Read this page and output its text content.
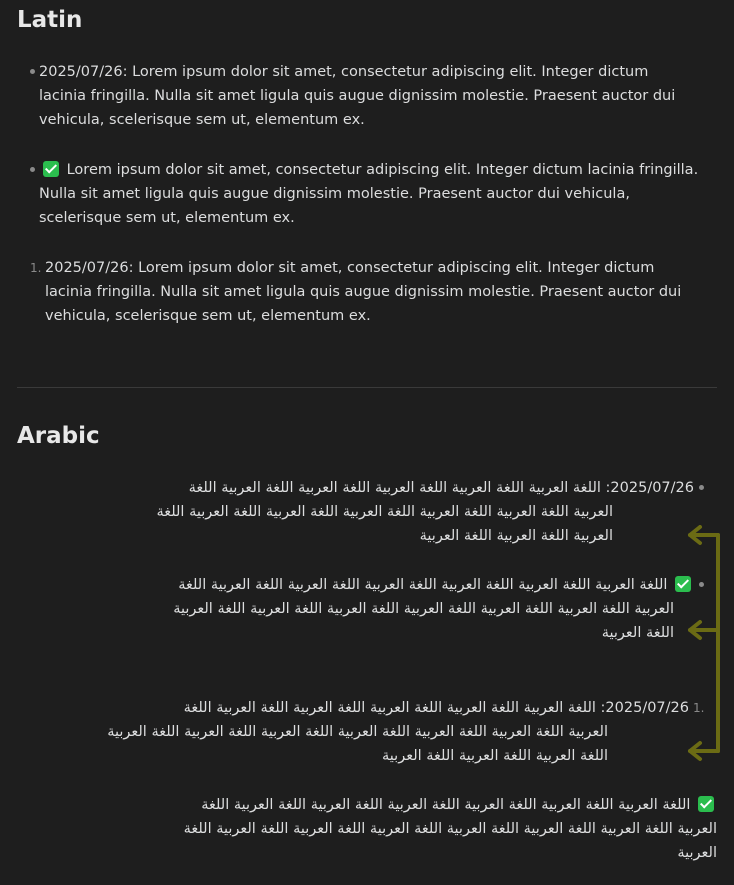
Latin
2025/07/26: Lorem ipsum dolor sit amet, consectetur adipiscing elit. Integer dictum lacinia fringilla. Nulla sit amet ligula quis augue dignissim molestie. Praesent auctor dui vehicula, scelerisque sem ut, elementum ex.
Lorem ipsum dolor sit amet, consectetur adipiscing elit. Integer dictum lacinia fringilla. Nulla sit amet ligula quis augue dignissim molestie. Praesent auctor dui vehicula, scelerisque sem ut, elementum ex.
1. 2025/07/26: Lorem ipsum dolor sit amet, consectetur adipiscing elit. Integer dictum lacinia fringilla. Nulla sit amet ligula quis augue dignissim molestie. Praesent auctor dui vehicula, scelerisque sem ut, elementum ex.
Arabic
2025/07/26: اللغة العربية اللغة العربية اللغة العربية اللغة العربية اللغة العربية اللغة
العربية اللغة العربية اللغة العربية اللغة العربية اللغة العربية اللغة العربية اللغة
العربية اللغة العربية اللغة العربية
اللغة العربية اللغة العربية اللغة العربية اللغة العربية اللغة العربية اللغة العربية اللغة
العربية اللغة العربية اللغة العربية اللغة العربية اللغة العربية اللغة العربية اللغة العربية
اللغة العربية
1.
2025/07/26: اللغة العربية اللغة العربية اللغة العربية اللغة العربية اللغة العربية اللغة
العربية اللغة العربية اللغة العربية اللغة العربية اللغة العربية اللغة العربية اللغة العربية
اللغة العربية اللغة العربية اللغة العربية
اللغة العربية اللغة العربية اللغة العربية اللغة العربية اللغة العربية اللغة العربية اللغة
العربية اللغة العربية اللغة العربية اللغة العربية اللغة العربية اللغة العربية اللغة العربية اللغة
العربية
